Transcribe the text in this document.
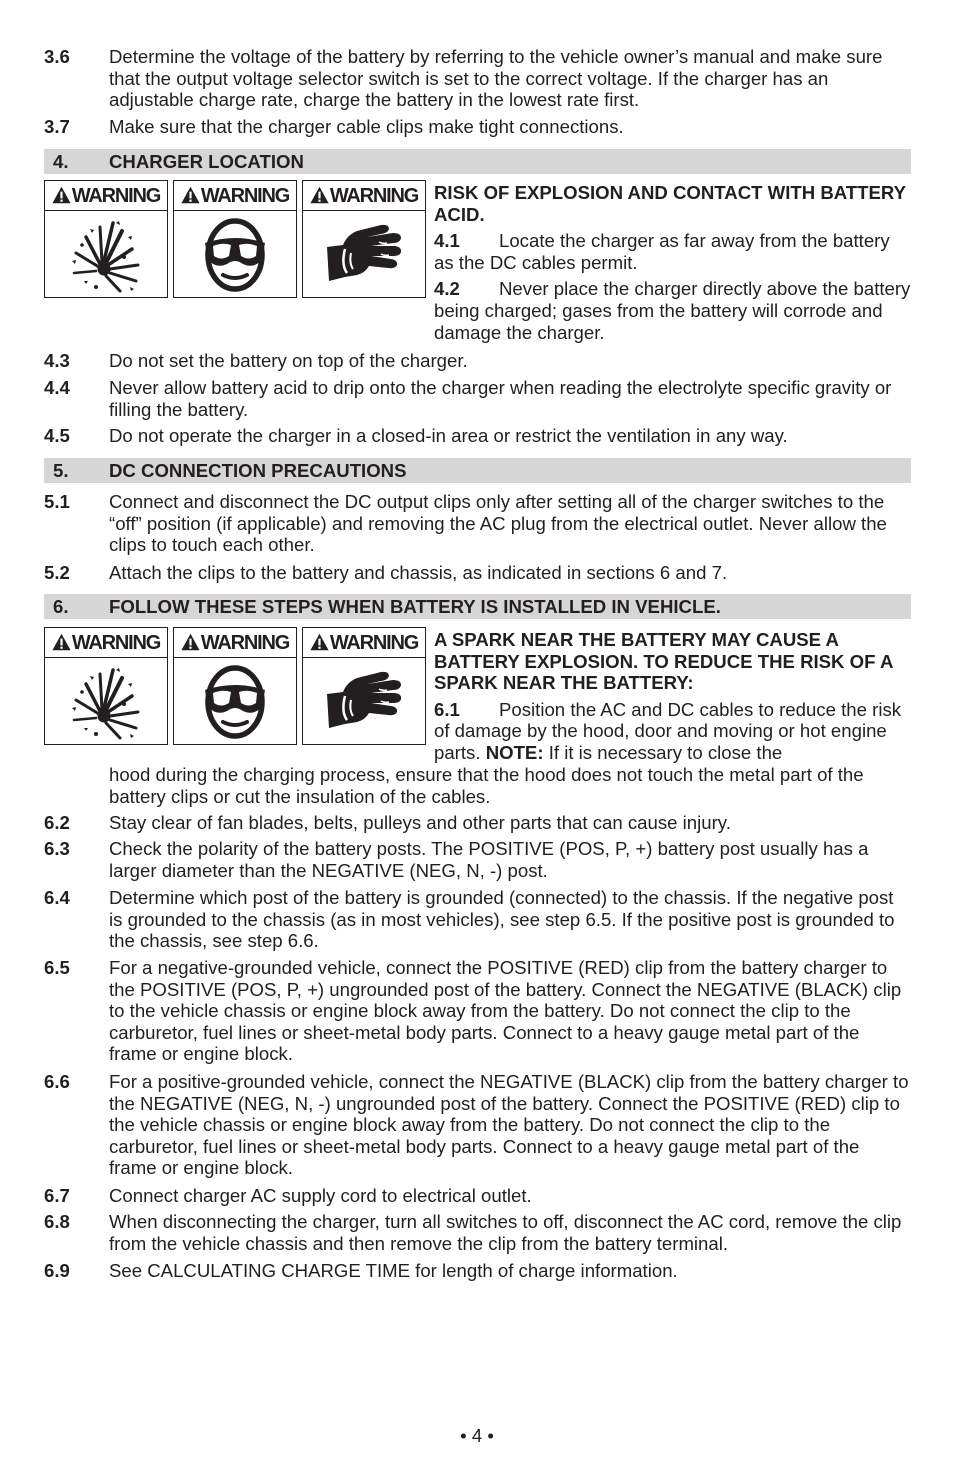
3.6 Determine the voltage of the battery by referring to the vehicle owner’s manual and make sure that the output voltage selector switch is set to the correct voltage. If the charger has an adjustable charge rate, charge the battery in the lowest rate first.
3.7 Make sure that the charger cable clips make tight connections.
4. CHARGER LOCATION
WARNING	WARNING	WARNING RISK OF EXPLOSION AND CONTACT WITH BATTERY ACID.

4.1 Locate the charger as far away from the battery as the DC cables permit.

4.2 Never place the charger directly above the battery being charged; gases from the battery will corrode and damage the charger.

4.3 Do not set the battery on top of the charger.
4.4 Never allow battery acid to drip onto the charger when reading the electrolyte specific gravity or filling the battery.
4.5 Do not operate the charger in a closed-in area or restrict the ventilation in any way.
5. DC CONNECTION PRECAUTIONS
5.1 Connect and disconnect the DC output clips only after setting all of the charger switches to the “off” position (if applicable) and removing the AC plug from the electrical outlet. Never allow the clips to touch each other.
5.2 Attach the clips to the battery and chassis, as indicated in sections 6 and 7.
6. FOLLOW THESE STEPS WHEN BATTERY IS INSTALLED IN VEHICLE.
WARNING	WARNING	WARNING A SPARK NEAR THE BATTERY MAY CAUSE A BATTERY EXPLOSION. TO REDUCE THE RISK OF A SPARK NEAR THE BATTERY:

6.1 Position the AC and DC cables to reduce the risk of damage by the hood, door and moving or hot engine parts. NOTE: If it is necessary to close the

hood during the charging process, ensure that the hood does not touch the metal part of the battery clips or cut the insulation of the cables.
6.2 Stay clear of fan blades, belts, pulleys and other parts that can cause injury.
6.3 Check the polarity of the battery posts. The POSITIVE (POS, P, +) battery post usually has a larger diameter than the NEGATIVE (NEG, N, -) post.
6.4 Determine which post of the battery is grounded (connected) to the chassis. If the negative post is grounded to the chassis (as in most vehicles), see step 6.5. If the positive post is grounded to the chassis, see step 6.6.
6.5 For a negative-grounded vehicle, connect the POSITIVE (RED) clip from the battery charger to the POSITIVE (POS, P, +) ungrounded post of the battery. Connect the NEGATIVE (BLACK) clip to the vehicle chassis or engine block away from the battery. Do not connect the clip to the carburetor, fuel lines or sheet-metal body parts. Connect to a heavy gauge metal part of the frame or engine block.
6.6 For a positive-grounded vehicle, connect the NEGATIVE (BLACK) clip from the battery charger to the NEGATIVE (NEG, N, -) ungrounded post of the battery. Connect the POSITIVE (RED) clip to the vehicle chassis or engine block away from the battery. Do not connect the clip to the carburetor, fuel lines or sheet-metal body parts. Connect to a heavy gauge metal part of the frame or engine block.
6.7 Connect charger AC supply cord to electrical outlet.
6.8 When disconnecting the charger, turn all switches to off, disconnect the AC cord, remove the clip from the vehicle chassis and then remove the clip from the battery terminal.
6.9 See CALCULATING CHARGE TIME for length of charge information.
• 4 •
